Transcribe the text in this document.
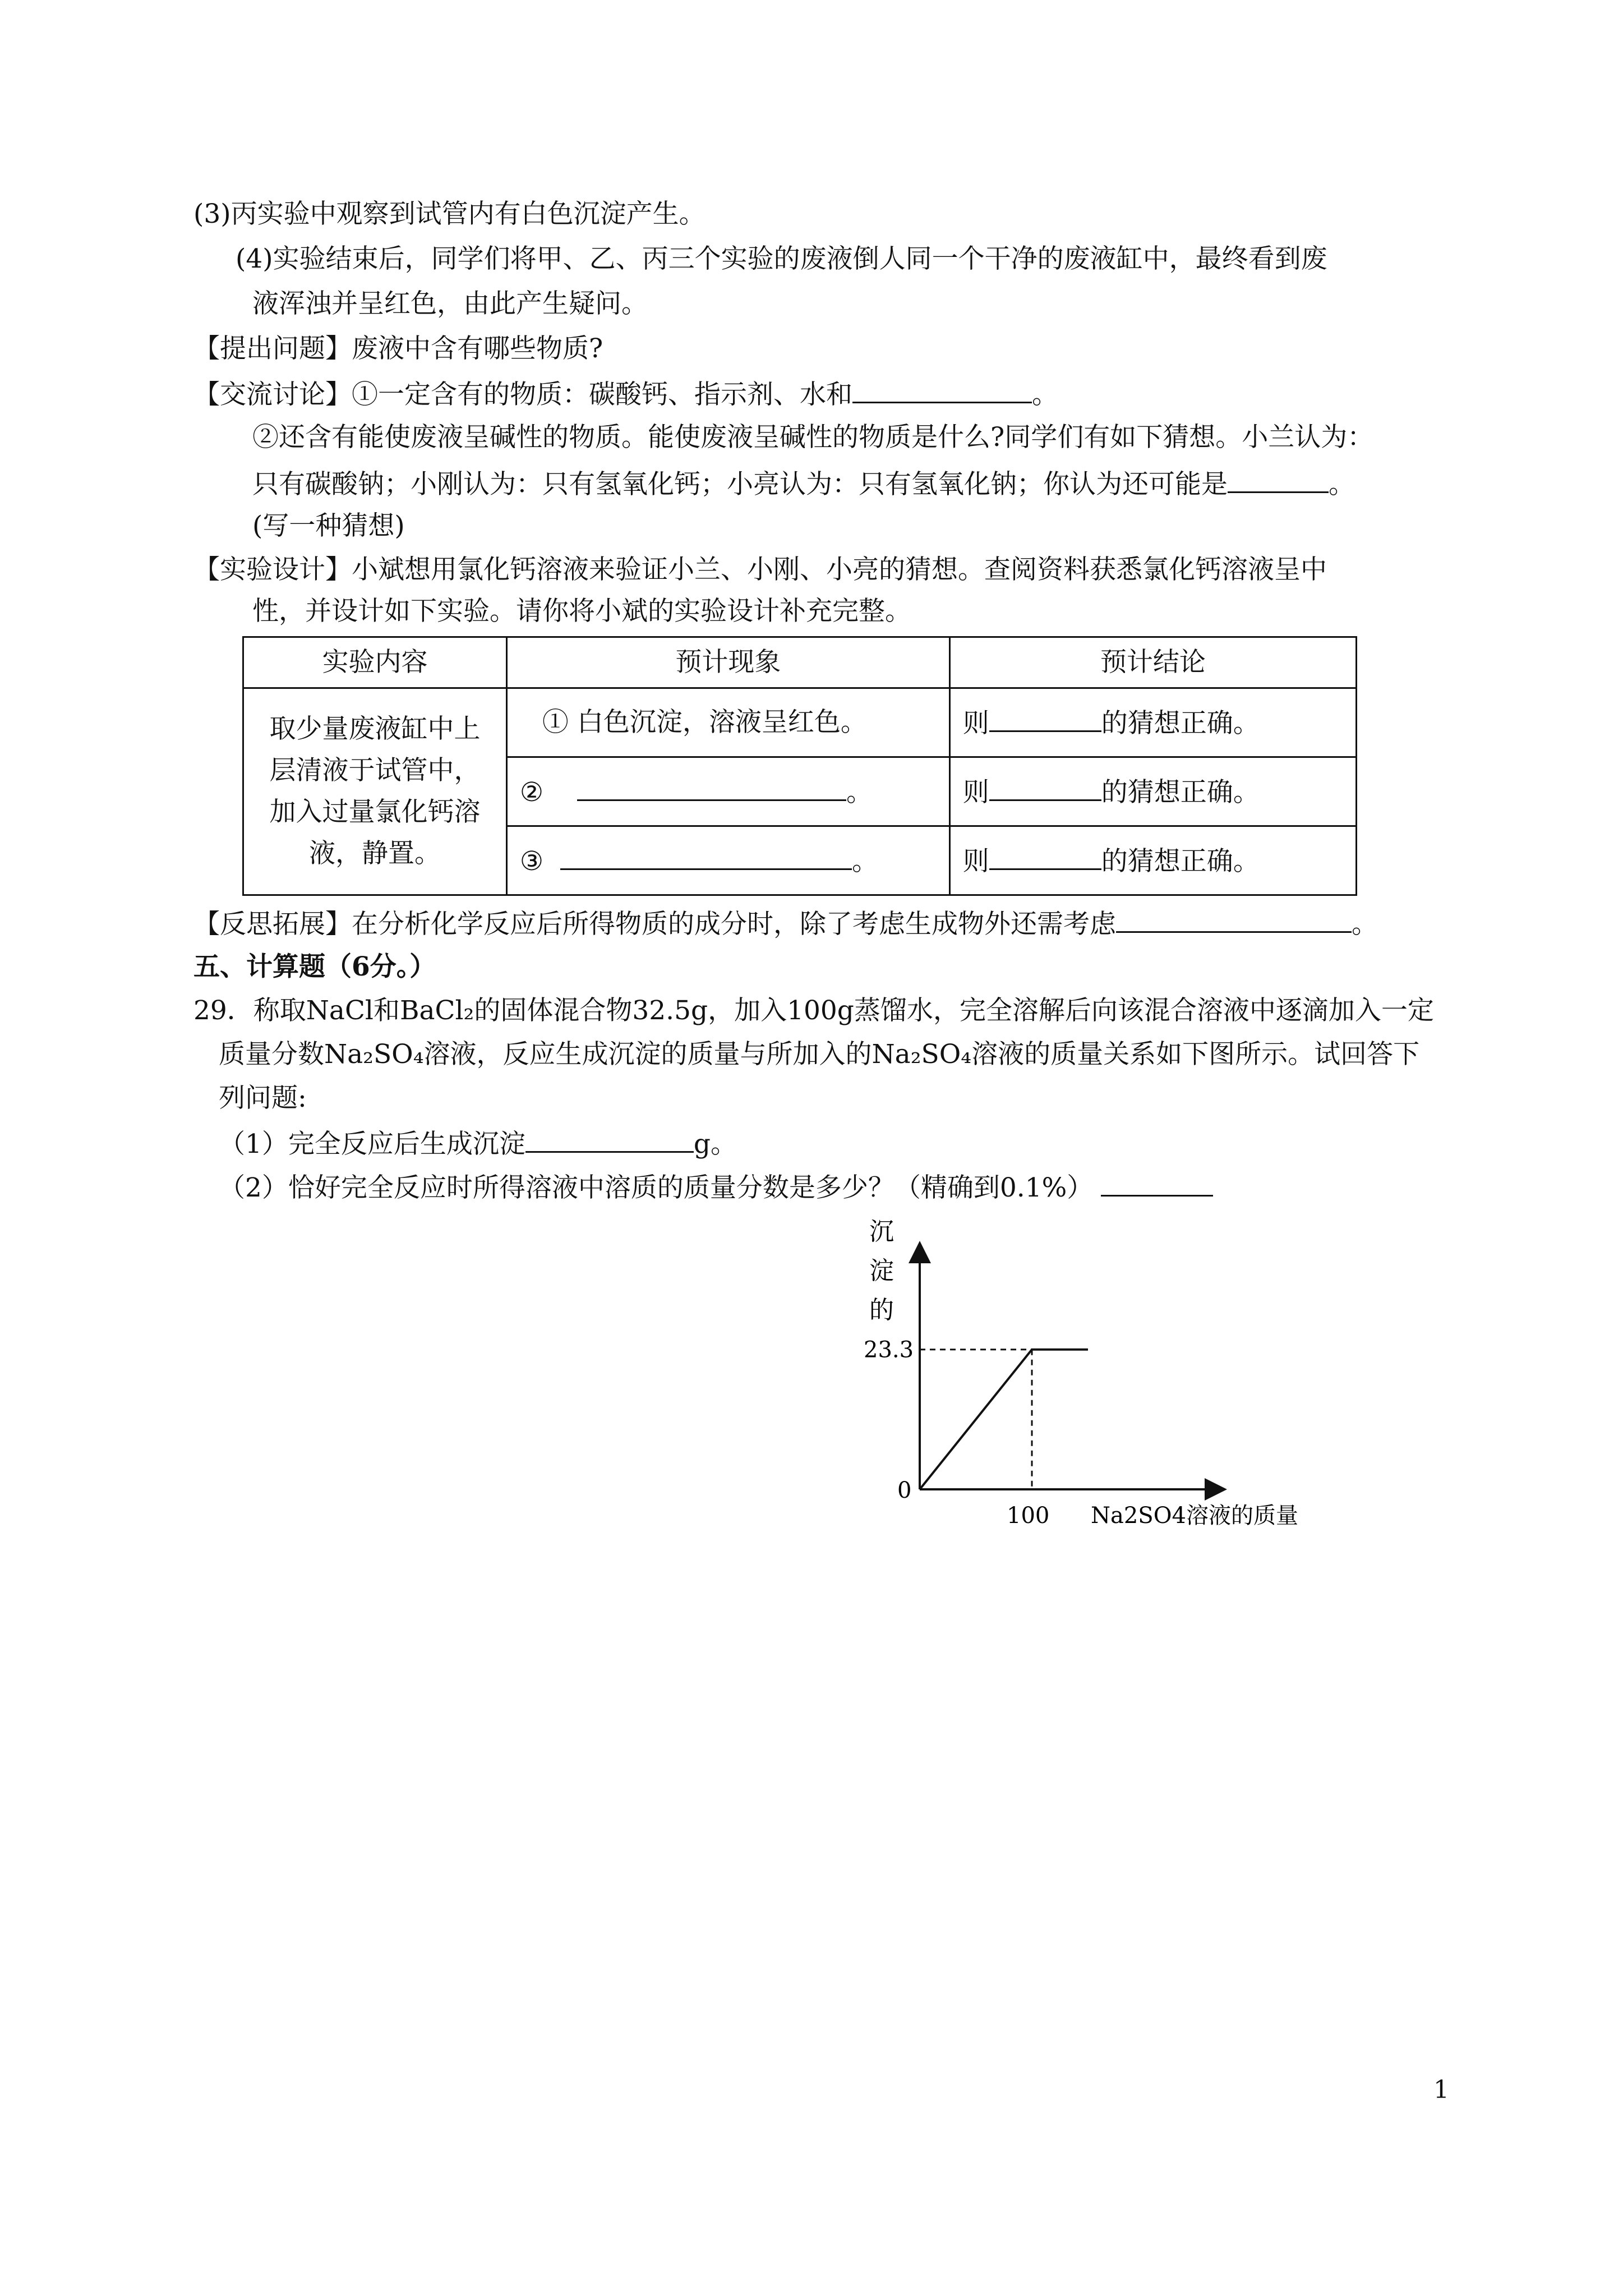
(3)丙实验中观察到试管内有白色沉淀产生。
(4)实验结束后，同学们将甲、乙、丙三个实验的废液倒人同一个干净的废液缸中，最终看到废
液浑浊并呈红色，由此产生疑问。
【提出问题】废液中含有哪些物质?
【交流讨论】①一定含有的物质：碳酸钙、指示剂、水和	。
②还含有能使废液呈碱性的物质。能使废液呈碱性的物质是什么?同学们有如下猜想。小兰认为：
只有碳酸钠；小刚认为：只有氢氧化钙；小亮认为：只有氢氧化钠；你认为还可能是	。
(写一种猜想)
【实验设计】小斌想用氯化钙溶液来验证小兰、小刚、小亮的猜想。查阅资料获悉氯化钙溶液呈中
性，并设计如下实验。请你将小斌的实验设计补充完整。
实验内容	预计现象	预计结论
取少量废液缸中上层清液于试管中，加入过量氯化钙溶液，静置。	① 白色沉淀，溶液呈红色。	则 的猜想正确。
	② 。	则 的猜想正确。
	③ 。	则 的猜想正确。
【反思拓展】在分析化学反应后所得物质的成分时，除了考虑生成物外还需考虑	。
五、计算题（6分。）
29．称取NaCl和BaCl₂的固体混合物32.5g，加入100g蒸馏水，完全溶解后向该混合溶液中逐滴加入一定
质量分数Na₂SO₄溶液，反应生成沉淀的质量与所加入的Na₂SO₄溶液的质量关系如下图所示。试回答下
列问题:
（1）完全反应后生成沉淀	g。
（2）恰好完全反应时所得溶液中溶质的质量分数是多少？（精确到0.1%）
沉
淀
的
0
100
23.3
Na2SO4溶液的质量
1
